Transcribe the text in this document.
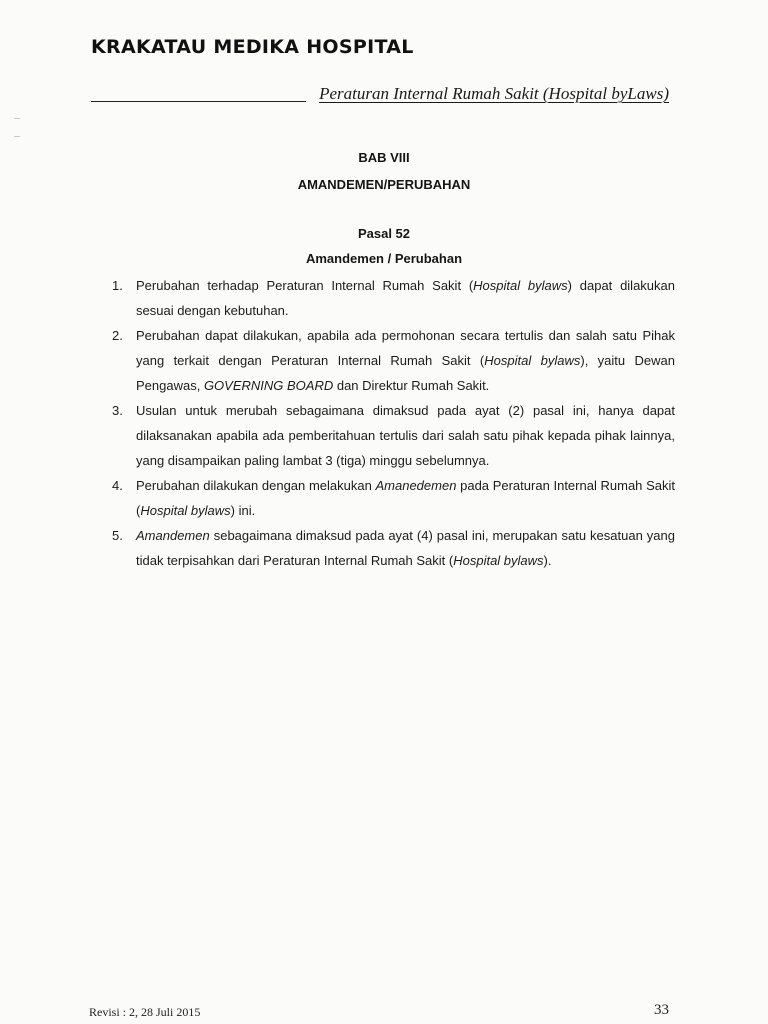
KRAKATAU MEDIKA HOSPITAL
Peraturan Internal Rumah Sakit (Hospital byLaws)
BAB VIII
AMANDEMEN/PERUBAHAN
Pasal 52
Amandemen / Perubahan
1.	Perubahan terhadap Peraturan Internal Rumah Sakit (Hospital bylaws) dapat dilakukan sesuai dengan kebutuhan.
2.	Perubahan dapat dilakukan, apabila ada permohonan secara tertulis dan salah satu Pihak yang terkait dengan Peraturan Internal Rumah Sakit (Hospital bylaws), yaitu Dewan Pengawas, GOVERNING BOARD dan Direktur Rumah Sakit.
3.	Usulan untuk merubah sebagaimana dimaksud pada ayat (2) pasal ini, hanya dapat dilaksanakan apabila ada pemberitahuan tertulis dari salah satu pihak kepada pihak lainnya, yang disampaikan paling lambat 3 (tiga) minggu sebelumnya.
4.	Perubahan dilakukan dengan melakukan Amanedemen pada Peraturan Internal Rumah Sakit (Hospital bylaws) ini.
5.	Amandemen sebagaimana dimaksud pada ayat (4) pasal ini, merupakan satu kesatuan yang tidak terpisahkan dari Peraturan Internal Rumah Sakit (Hospital bylaws).
Revisi : 2, 28 Juli 2015	33
